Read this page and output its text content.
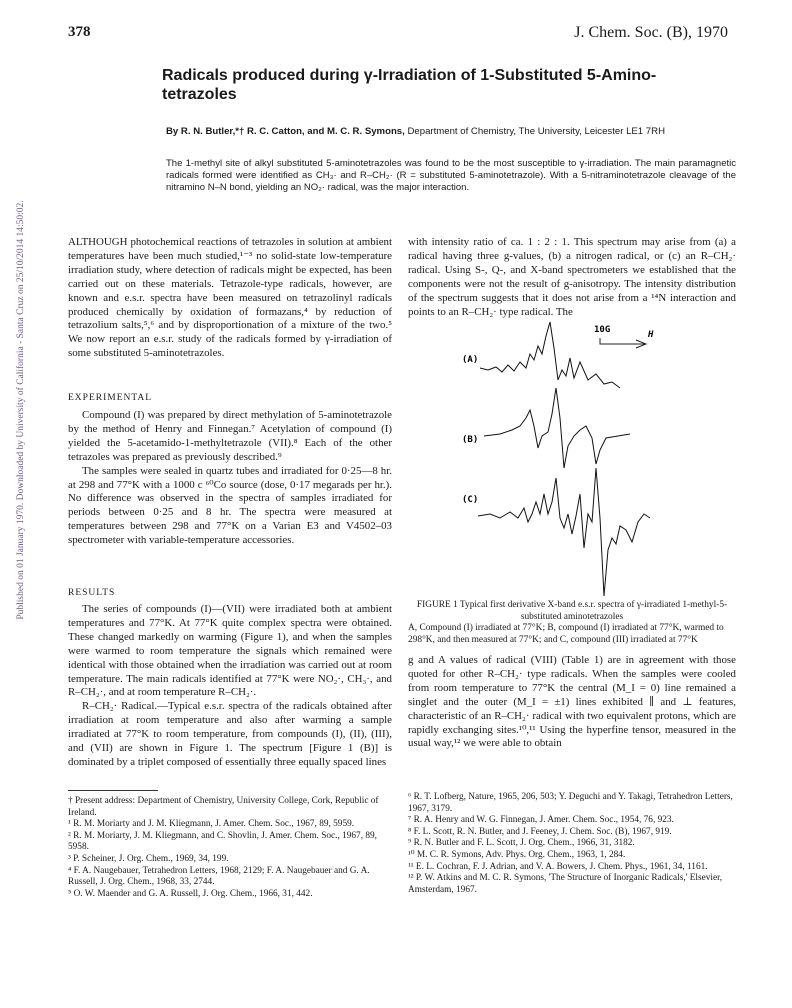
378	J. Chem. Soc. (B), 1970
Published on 01 January 1970. Downloaded by University of California - Santa Cruz on 25/10/2014 14:50:02.
Radicals produced during γ-Irradiation of 1-Substituted 5-Amino-tetrazoles
By R. N. Butler,*† R. C. Catton, and M. C. R. Symons, Department of Chemistry, The University, Leicester LE1 7RH
The 1-methyl site of alkyl substituted 5-aminotetrazoles was found to be the most susceptible to γ-irradiation. The main paramagnetic radicals formed were identified as CH₃· and R–CH₂· (R = substituted 5-aminotetrazole). With a 5-nitraminotetrazole cleavage of the nitramino N–N bond, yielding an NO₂· radical, was the major interaction.

ALTHOUGH photochemical reactions of tetrazoles in solution at ambient temperatures have been much studied,¹⁻³ no solid-state low-temperature irradiation study, where detection of radicals might be expected, has been carried out on these materials. Tetrazole-type radicals, however, are known and e.s.r. spectra have been measured on tetrazolinyl radicals produced chemically by oxidation of formazans,⁴ by reduction of tetrazolium salts,⁵,⁶ and by disproportionation of a mixture of the two.⁵ We now report an e.s.r. study of the radicals formed by γ-irradiation of some substituted 5-aminotetrazoles.

EXPERIMENTAL

Compound (I) was prepared by direct methylation of 5-aminotetrazole by the method of Henry and Finnegan.⁷ Acetylation of compound (I) yielded the 5-acetamido-1-methyltetrazole (VII).⁸ Each of the other tetrazoles was prepared as previously described.⁹

The samples were sealed in quartz tubes and irradiated for 0·25—8 hr. at 298 and 77°K with a 1000 c ⁶⁰Co source (dose, 0·17 megarads per hr.). No difference was observed in the spectra of samples irradiated for periods between 0·25 and 8 hr. The spectra were measured at temperatures between 298 and 77°K on a Varian E3 and V4502–03 spectrometer with variable-temperature accessories.

RESULTS

The series of compounds (I)—(VII) were irradiated both at ambient temperatures and 77°K. At 77°K quite complex spectra were obtained. These changed markedly on warming (Figure 1), and when the samples were warmed to room temperature the signals which remained were identical with those obtained when the irradiation was carried out at room temperature. The main radicals identified at 77°K were NO₂·, CH₃·, and R–CH₂·, and at room temperature R–CH₂·.

R–CH₂· Radical.—Typical e.s.r. spectra of the radicals obtained after irradiation at room temperature and also after warming a sample irradiated at 77°K to room temperature, from compounds (I), (II), (III), and (VII) are shown in Figure 1. The spectrum [Figure 1 (B)] is dominated by a triplet composed of essentially three equally spaced lines

† Present address: Department of Chemistry, University College, Cork, Republic of Ireland.

¹ R. M. Moriarty and J. M. Kliegmann, J. Amer. Chem. Soc., 1967, 89, 5959.

² R. M. Moriarty, J. M. Kliegmann, and C. Shovlin, J. Amer. Chem. Soc., 1967, 89, 5958.

³ P. Scheiner, J. Org. Chem., 1969, 34, 199.

⁴ F. A. Naugebauer, Tetrahedron Letters, 1968, 2129; F. A. Naugebauer and G. A. Russell, J. Org. Chem., 1968, 33, 2744.

⁵ O. W. Maender and G. A. Russell, J. Org. Chem., 1966, 31, 442.

with intensity ratio of ca. 1 : 2 : 1. This spectrum may arise from (a) a radical having three g-values, (b) a nitrogen radical, or (c) an R–CH₂· radical. Using S-, Q-, and X-band spectrometers we established that the components were not the result of g-anisotropy. The intensity distribution of the spectrum suggests that it does not arise from a ¹⁴N interaction and points to an R–CH₂· type radical. The

10G	H
(A)
(B)
(C)
FIGURE 1 Typical first derivative X-band e.s.r. spectra of γ-irradiated 1-methyl-5-substituted aminotetrazoles
A, Compound (I) irradiated at 77°K; B, compound (I) irradiated at 77°K, warmed to 298°K, and then measured at 77°K; and C, compound (III) irradiated at 77°K

g and A values of radical (VIII) (Table 1) are in agreement with those quoted for other R–CH₂· type radicals. When the samples were cooled from room temperature to 77°K the central (M_I = 0) line remained a singlet and the outer (M_I = ±1) lines exhibited ∥ and ⊥ features, characteristic of an R–CH₂· radical with two equivalent protons, which are rapidly exchanging sites.¹⁰,¹¹ Using the hyperfine tensor, measured in the usual way,¹² we were able to obtain

⁶ R. T. Lofberg, Nature, 1965, 206, 503; Y. Deguchi and Y. Takagi, Tetrahedron Letters, 1967, 3179.

⁷ R. A. Henry and W. G. Finnegan, J. Amer. Chem. Soc., 1954, 76, 923.

⁸ F. L. Scott, R. N. Butler, and J. Feeney, J. Chem. Soc. (B), 1967, 919.

⁹ R. N. Butler and F. L. Scott, J. Org. Chem., 1966, 31, 3182.

¹⁰ M. C. R. Symons, Adv. Phys. Org. Chem., 1963, 1, 284.

¹¹ E. L. Cochran, F. J. Adrian, and V. A. Bowers, J. Chem. Phys., 1961, 34, 1161.

¹² P. W. Atkins and M. C. R. Symons, 'The Structure of Inorganic Radicals,' Elsevier, Amsterdam, 1967.
